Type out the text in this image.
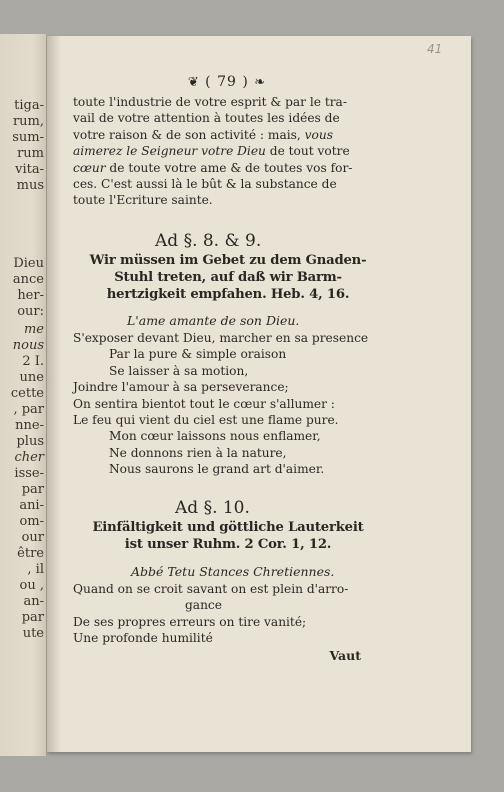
tiga-
rum,
sum-
rum
vita-
mus
Dieu
ance
her-
our:
me
nous
2 I.
une
cette
, par
nne-
plus
cher
isse-
par
ani-
om-
our
être
, il
ou ,
an-
par
ute
41
❦ ( 79 ) ❧
toute l'industrie de votre esprit & par le tra-
vail de votre attention à toutes les idées de
votre raison & de son activité : mais, vous
aimerez le Seigneur votre Dieu de tout votre
cœur de toute votre ame & de toutes vos for-
ces. C'est aussi là le bût & la substance de
toute l'Ecriture sainte.
Ad §. 8. & 9.
Wir müssen im Gebet zu dem Gnaden-
Stuhl treten, auf daß wir Barm-
hertzigkeit empfahen. Heb. 4, 16.
L'ame amante de son Dieu.
S'exposer devant Dieu, marcher en sa presence
Par la pure & simple oraison
Se laisser à sa motion,
Joindre l'amour à sa perseverance;
On sentira bientot tout le cœur s'allumer :
Le feu qui vient du ciel est une flame pure.
Mon cœur laissons nous enflamer,
Ne donnons rien à la nature,
Nous saurons le grand art d'aimer.
Ad §. 10.
Einfältigkeit und göttliche Lauterkeit
ist unser Ruhm. 2 Cor. 1, 12.
Abbé Tetu Stances Chretiennes.
Quand on se croit savant on est plein d'arro-
gance
De ses propres erreurs on tire vanité;
Une profonde humilité
Vaut
